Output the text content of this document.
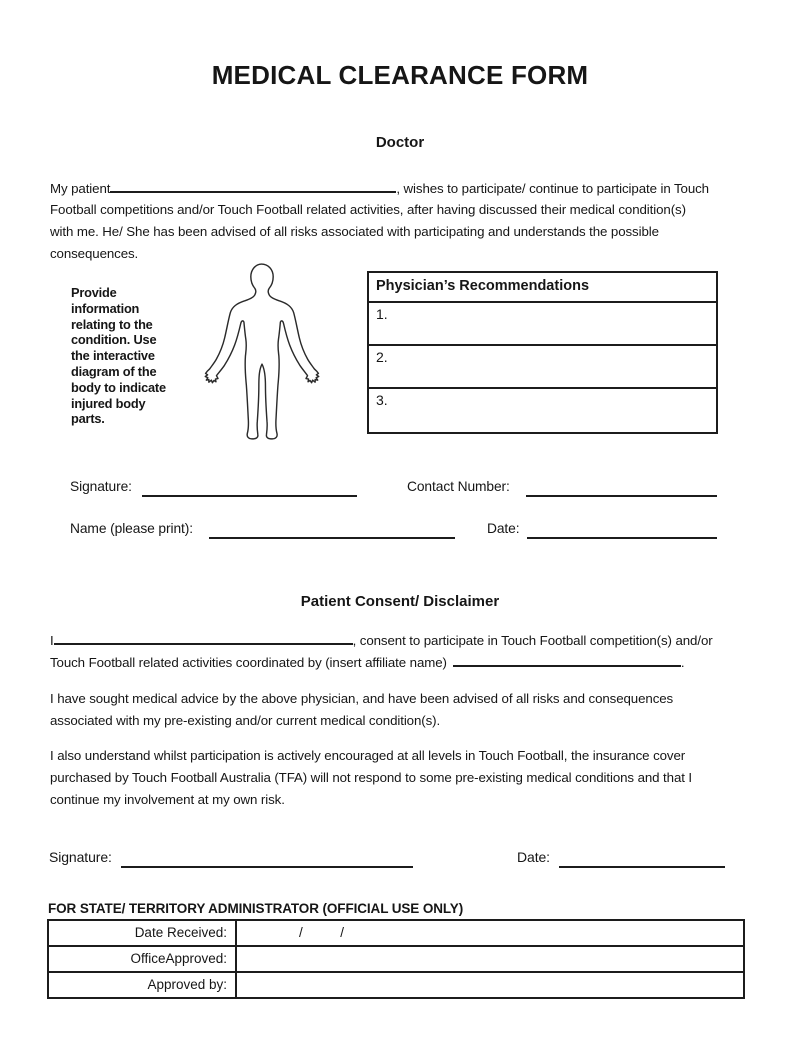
MEDICAL CLEARANCE FORM
Doctor
My patient	, wishes to participate/ continue to participate in Touch
Football competitions and/or Touch Football related activities, after having discussed their medical condition(s)
with me. He/ She has been advised of all risks associated with participating and understands the possible
consequences.
Provide
information
relating to the
condition. Use
the interactive
diagram of the
body to indicate
injured body
parts.
Physician’s Recommendations
1.
2.
3.
Signature:	Contact Number:
Name (please print):	Date:
Patient Consent/ Disclaimer
I	, consent to participate in Touch Football competition(s) and/or
Touch Football related activities coordinated by (insert affiliate name)	.
I have sought medical advice by the above physician, and have been advised of all risks and consequences
associated with my pre-existing and/or current medical condition(s).
I also understand whilst participation is actively encouraged at all levels in Touch Football, the insurance cover
purchased by Touch Football Australia (TFA) will not respond to some pre-existing medical conditions and that I
continue my involvement at my own risk.
Signature:	Date:
FOR STATE/ TERRITORY ADMINISTRATOR (OFFICIAL USE ONLY)
Date Received:	/          /
OfficeApproved:
Approved by:
